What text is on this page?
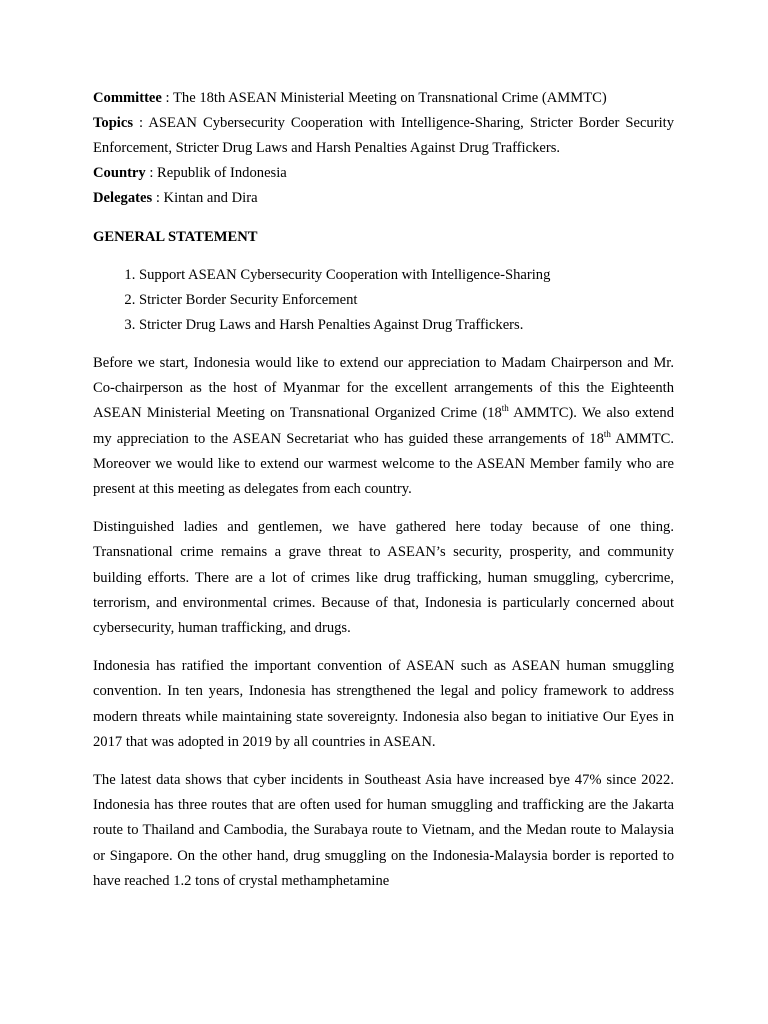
Committee : The 18th ASEAN Ministerial Meeting on Transnational Crime (AMMTC)
Topics : ASEAN Cybersecurity Cooperation with Intelligence-Sharing, Stricter Border Security Enforcement, Stricter Drug Laws and Harsh Penalties Against Drug Traffickers.
Country : Republik of Indonesia
Delegates : Kintan and Dira
GENERAL STATEMENT
1. Support ASEAN Cybersecurity Cooperation with Intelligence-Sharing
2. Stricter Border Security Enforcement
3. Stricter Drug Laws and Harsh Penalties Against Drug Traffickers.

Before we start, Indonesia would like to extend our appreciation to Madam Chairperson and Mr. Co-chairperson as the host of Myanmar for the excellent arrangements of this the Eighteenth ASEAN Ministerial Meeting on Transnational Organized Crime (18th AMMTC). We also extend my appreciation to the ASEAN Secretariat who has guided these arrangements of 18th AMMTC. Moreover we would like to extend our warmest welcome to the ASEAN Member family who are present at this meeting as delegates from each country.

Distinguished ladies and gentlemen, we have gathered here today because of one thing. Transnational crime remains a grave threat to ASEAN’s security, prosperity, and community building efforts. There are a lot of crimes like drug trafficking, human smuggling, cybercrime, terrorism, and environmental crimes. Because of that, Indonesia is particularly concerned about cybersecurity, human trafficking, and drugs.

Indonesia has ratified the important convention of ASEAN such as ASEAN human smuggling convention. In ten years, Indonesia has strengthened the legal and policy framework to address modern threats while maintaining state sovereignty. Indonesia also began to initiative Our Eyes in 2017 that was adopted in 2019 by all countries in ASEAN.

The latest data shows that cyber incidents in Southeast Asia have increased bye 47% since 2022. Indonesia has three routes that are often used for human smuggling and trafficking are the Jakarta route to Thailand and Cambodia, the Surabaya route to Vietnam, and the Medan route to Malaysia or Singapore. On the other hand, drug smuggling on the Indonesia-Malaysia border is reported to have reached 1.2 tons of crystal methamphetamine
